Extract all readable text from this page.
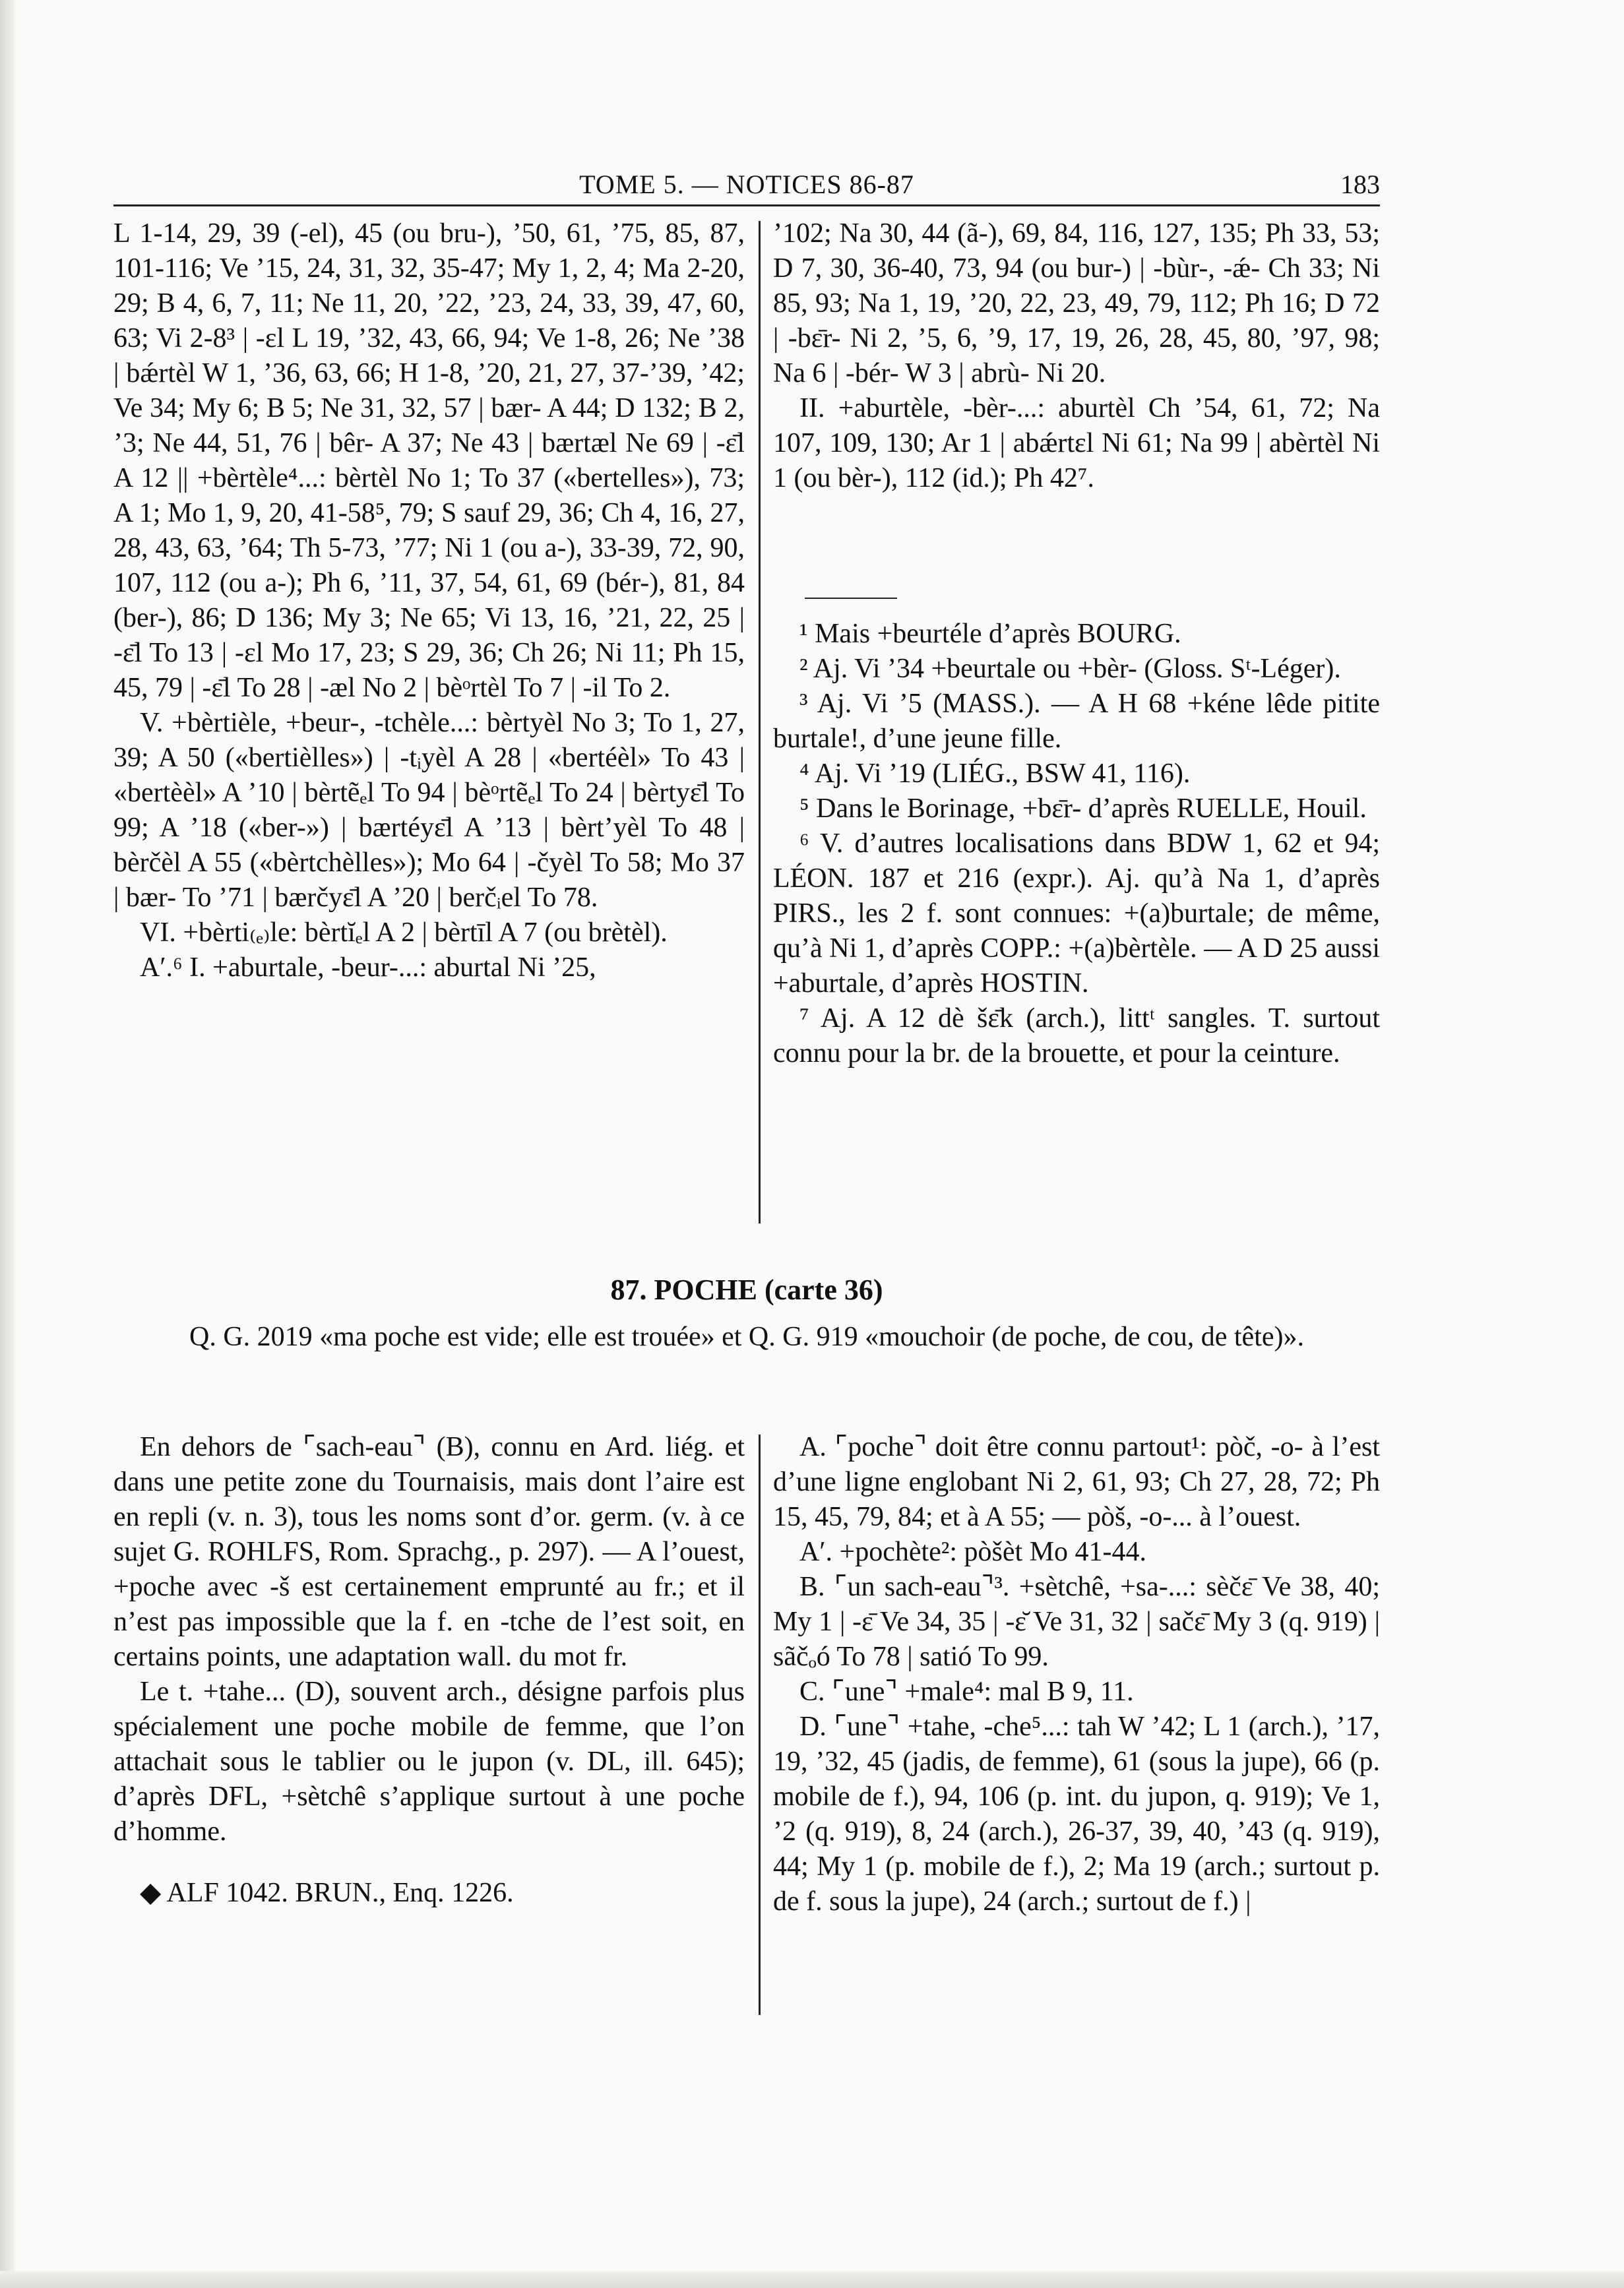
TOME 5. — NOTICES 86-87	183

L 1-14, 29, 39 (-el), 45 (ou bru-), ’50, 61, ’75, 85, 87, 101-116; Ve ’15, 24, 31, 32, 35-47; My 1, 2, 4; Ma 2-20, 29; B 4, 6, 7, 11; Ne 11, 20, ’22, ’23, 24, 33, 39, 47, 60, 63; Vi 2-8³ | -ɛl L 19, ’32, 43, 66, 94; Ve 1-8, 26; Ne ’38 | bǽrtèl W 1, ’36, 63, 66; H 1-8, ’20, 21, 27, 37-’39, ’42; Ve 34; My 6; B 5; Ne 31, 32, 57 | bær- A 44; D 132; B 2, ’3; Ne 44, 51, 76 | bêr- A 37; Ne 43 | bærtæl Ne 69 | -ɛ̄l A 12 || +bèrtèle⁴...: bèrtèl No 1; To 37 («bertelles»), 73; A 1; Mo 1, 9, 20, 41-58⁵, 79; S sauf 29, 36; Ch 4, 16, 27, 28, 43, 63, ’64; Th 5-73, ’77; Ni 1 (ou a-), 33-39, 72, 90, 107, 112 (ou a-); Ph 6, ’11, 37, 54, 61, 69 (bér-), 81, 84 (ber-), 86; D 136; My 3; Ne 65; Vi 13, 16, ’21, 22, 25 | -ɛ̄l To 13 | -ɛl Mo 17, 23; S 29, 36; Ch 26; Ni 11; Ph 15, 45, 79 | -ɛ̄l To 28 | -æl No 2 | bèᵒrtèl To 7 | -il To 2.

V. +bèrtièle, +beur-, -tchèle...: bèrtyèl No 3; To 1, 27, 39; A 50 («bertièlles») | -tᵢyèl A 28 | «bertéèl» To 43 | «bertèèl» A ’10 | bèrtẽₑl To 94 | bèᵒrtẽₑl To 24 | bèrtyɛ̄l To 99; A ’18 («ber-») | bærtéyɛ̄l A ’13 | bèrt’yèl To 48 | bèrčèl A 55 («bèrtchèlles»); Mo 64 | -čyèl To 58; Mo 37 | bær- To ’71 | bærčyɛ̄l A ’20 | berčᵢel To 78.

VI. +bèrti₍ₑ₎le: bèrtĭₑl A 2 | bèrtīl A 7 (ou brètèl).

A′.⁶ I. +aburtale, -beur-...: aburtal Ni ’25,

’102; Na 30, 44 (ã-), 69, 84, 116, 127, 135; Ph 33, 53; D 7, 30, 36-40, 73, 94 (ou bur-) | -bùr-, -ǽ- Ch 33; Ni 85, 93; Na 1, 19, ’20, 22, 23, 49, 79, 112; Ph 16; D 72 | -bɛ̄r- Ni 2, ’5, 6, ’9, 17, 19, 26, 28, 45, 80, ’97, 98; Na 6 | -bér- W 3 | abrù- Ni 20.

II. +aburtèle, -bèr-...: aburtèl Ch ’54, 61, 72; Na 107, 109, 130; Ar 1 | abǽrtɛl Ni 61; Na 99 | abèrtèl Ni 1 (ou bèr-), 112 (id.); Ph 42⁷.

¹ Mais +beurtéle d’après BOURG.

² Aj. Vi ’34 +beurtale ou +bèr- (Gloss. Sᵗ-Léger).

³ Aj. Vi ’5 (MASS.). — A H 68 +kéne lêde pitite burtale!, d’une jeune fille.

⁴ Aj. Vi ’19 (LIÉG., BSW 41, 116).

⁵ Dans le Borinage, +bɛ̄r- d’après RUELLE, Houil.

⁶ V. d’autres localisations dans BDW 1, 62 et 94; LÉON. 187 et 216 (expr.). Aj. qu’à Na 1, d’après PIRS., les 2 f. sont connues: +(a)burtale; de même, qu’à Ni 1, d’après COPP.: +(a)bèrtèle. — A D 25 aussi +aburtale, d’après HOSTIN.

⁷ Aj. A 12 dè šɛ̄k (arch.), littᵗ sangles. T. surtout connu pour la br. de la brouette, et pour la ceinture.

87. POCHE (carte 36)
Q. G. 2019 «ma poche est vide; elle est trouée» et Q. G. 919 «mouchoir (de poche, de cou, de tête)».

En dehors de ⌜sach-eau⌝ (B), connu en Ard. liég. et dans une petite zone du Tournaisis, mais dont l’aire est en repli (v. n. 3), tous les noms sont d’or. germ. (v. à ce sujet G. ROHLFS, Rom. Sprachg., p. 297). — A l’ouest, +poche avec -š est certainement emprunté au fr.; et il n’est pas impossible que la f. en -tche de l’est soit, en certains points, une adaptation wall. du mot fr.

Le t. +tahe... (D), souvent arch., désigne parfois plus spécialement une poche mobile de femme, que l’on attachait sous le tablier ou le jupon (v. DL, ill. 645); d’après DFL, +sètchê s’applique surtout à une poche d’homme.

◆ ALF 1042. BRUN., Enq. 1226.

A. ⌜poche⌝ doit être connu partout¹: pòč, -o- à l’est d’une ligne englobant Ni 2, 61, 93; Ch 27, 28, 72; Ph 15, 45, 79, 84; et à A 55; — pòš, -o-... à l’ouest.

A′. +pochète²: pòšèt Mo 41-44.

B. ⌜un sach-eau⌝³. +sètchê, +sa-...: sèčɛ̄ Ve 38, 40; My 1 | -ɛ̄ Ve 34, 35 | -ɛ̆ Ve 31, 32 | sačɛ̄ My 3 (q. 919) | sãčₒó To 78 | satió To 99.

C. ⌜une⌝ +male⁴: mal B 9, 11.

D. ⌜une⌝ +tahe, -che⁵...: tah W ’42; L 1 (arch.), ’17, 19, ’32, 45 (jadis, de femme), 61 (sous la jupe), 66 (p. mobile de f.), 94, 106 (p. int. du jupon, q. 919); Ve 1, ’2 (q. 919), 8, 24 (arch.), 26-37, 39, 40, ’43 (q. 919), 44; My 1 (p. mobile de f.), 2; Ma 19 (arch.; surtout p. de f. sous la jupe), 24 (arch.; surtout de f.) |
